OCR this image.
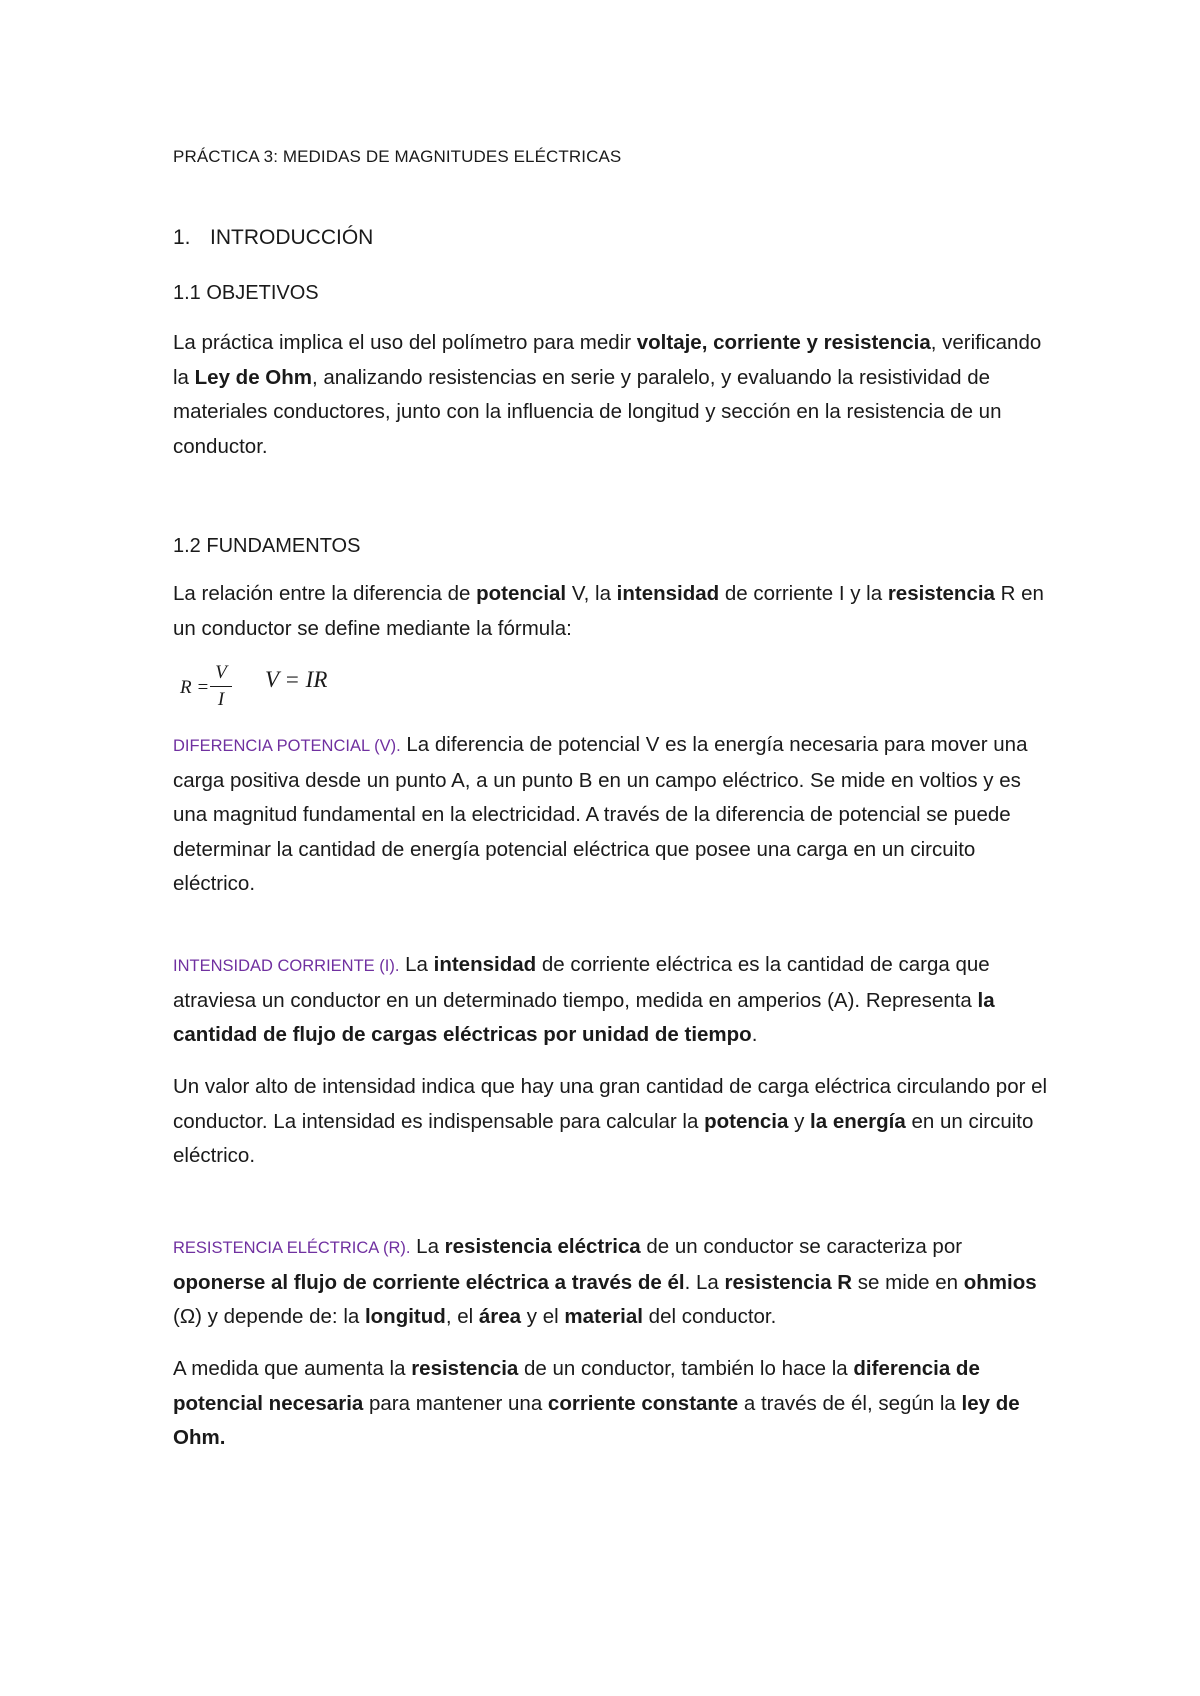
PRÁCTICA 3: MEDIDAS DE MAGNITUDES ELÉCTRICAS

1. INTRODUCCIÓN

1.1 OBJETIVOS

La práctica implica el uso del polímetro para medir voltaje, corriente y resistencia, verificando la Ley de Ohm, analizando resistencias en serie y paralelo, y evaluando la resistividad de materiales conductores, junto con la influencia de longitud y sección en la resistencia de un conductor.

1.2 FUNDAMENTOS

La relación entre la diferencia de potencial V, la intensidad de corriente I y la resistencia R en un conductor se define mediante la fórmula:

R =
V
I
V = IR

DIFERENCIA POTENCIAL (V). La diferencia de potencial V es la energía necesaria para mover una carga positiva desde un punto A, a un punto B en un campo eléctrico. Se mide en voltios y es una magnitud fundamental en la electricidad. A través de la diferencia de potencial se puede determinar la cantidad de energía potencial eléctrica que posee una carga en un circuito eléctrico.

INTENSIDAD CORRIENTE (I). La intensidad de corriente eléctrica es la cantidad de carga que atraviesa un conductor en un determinado tiempo, medida en amperios (A). Representa la cantidad de flujo de cargas eléctricas por unidad de tiempo.

Un valor alto de intensidad indica que hay una gran cantidad de carga eléctrica circulando por el conductor. La intensidad es indispensable para calcular la potencia y la energía en un circuito eléctrico.

RESISTENCIA ELÉCTRICA (R). La resistencia eléctrica de un conductor se caracteriza por oponerse al flujo de corriente eléctrica a través de él. La resistencia R se mide en ohmios (Ω) y depende de: la longitud, el área y el material del conductor.

A medida que aumenta la resistencia de un conductor, también lo hace la diferencia de potencial necesaria para mantener una corriente constante a través de él, según la ley de Ohm.
